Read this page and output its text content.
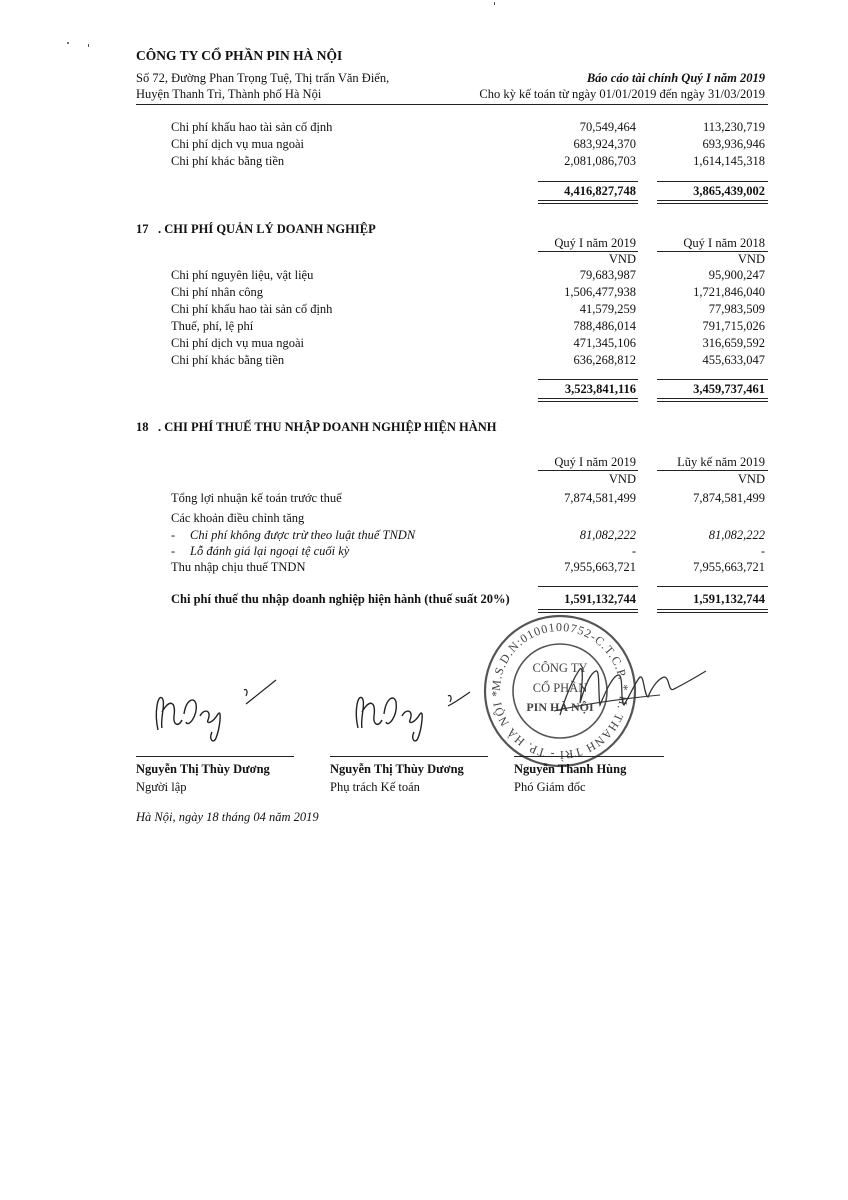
CÔNG TY CỔ PHẦN PIN HÀ NỘI
Số 72, Đường Phan Trọng Tuệ, Thị trấn Văn Điển,
Huyện Thanh Trì, Thành phố Hà Nội
Báo cáo tài chính Quý I năm 2019
Cho kỳ kế toán từ ngày 01/01/2019 đến ngày 31/03/2019
Chi phí khấu hao tài sản cố định	70,549,464	113,230,719
Chi phí dịch vụ mua ngoài	683,924,370	693,936,946
Chi phí khác bằng tiền	2,081,086,703	1,614,145,318
4,416,827,748	3,865,439,002
17 . CHI PHÍ QUẢN LÝ DOANH NGHIỆP
Quý I năm 2019	Quý I năm 2018
VND	VND
Chi phí nguyên liệu, vật liệu	79,683,987	95,900,247
Chi phí nhân công	1,506,477,938	1,721,846,040
Chi phí khấu hao tài sản cố định	41,579,259	77,983,509
Thuế, phí, lệ phí	788,486,014	791,715,026
Chi phí dịch vụ mua ngoài	471,345,106	316,659,592
Chi phí khác bằng tiền	636,268,812	455,633,047
3,523,841,116	3,459,737,461
18 . CHI PHÍ THUẾ THU NHẬP DOANH NGHIỆP HIỆN HÀNH
Quý I năm 2019	Lũy kế năm 2019
VND	VND
Tổng lợi nhuận kế toán trước thuế	7,874,581,499	7,874,581,499
Các khoản điều chỉnh tăng
- Chi phí không được trừ theo luật thuế TNDN	81,082,222	81,082,222
- Lỗ đánh giá lại ngoại tệ cuối kỳ	-	-
Thu nhập chịu thuế TNDN	7,955,663,721	7,955,663,721
Chi phí thuế thu nhập doanh nghiệp hiện hành (thuế suất 20%)	1,591,132,744	1,591,132,744
M.S.D.N:0100100752-C.T.C.P. * H. THANH TRÌ - TP. HÀ NỘI *
CÔNG TY
CỔ PHẦN
PIN HÀ NỘI
Nguyễn Thị Thùy Dương
Người lập
Nguyễn Thị Thùy Dương
Phụ trách Kế toán
Nguyễn Thanh Hùng
Phó Giám đốc
Hà Nội, ngày 18 tháng 04 năm 2019
